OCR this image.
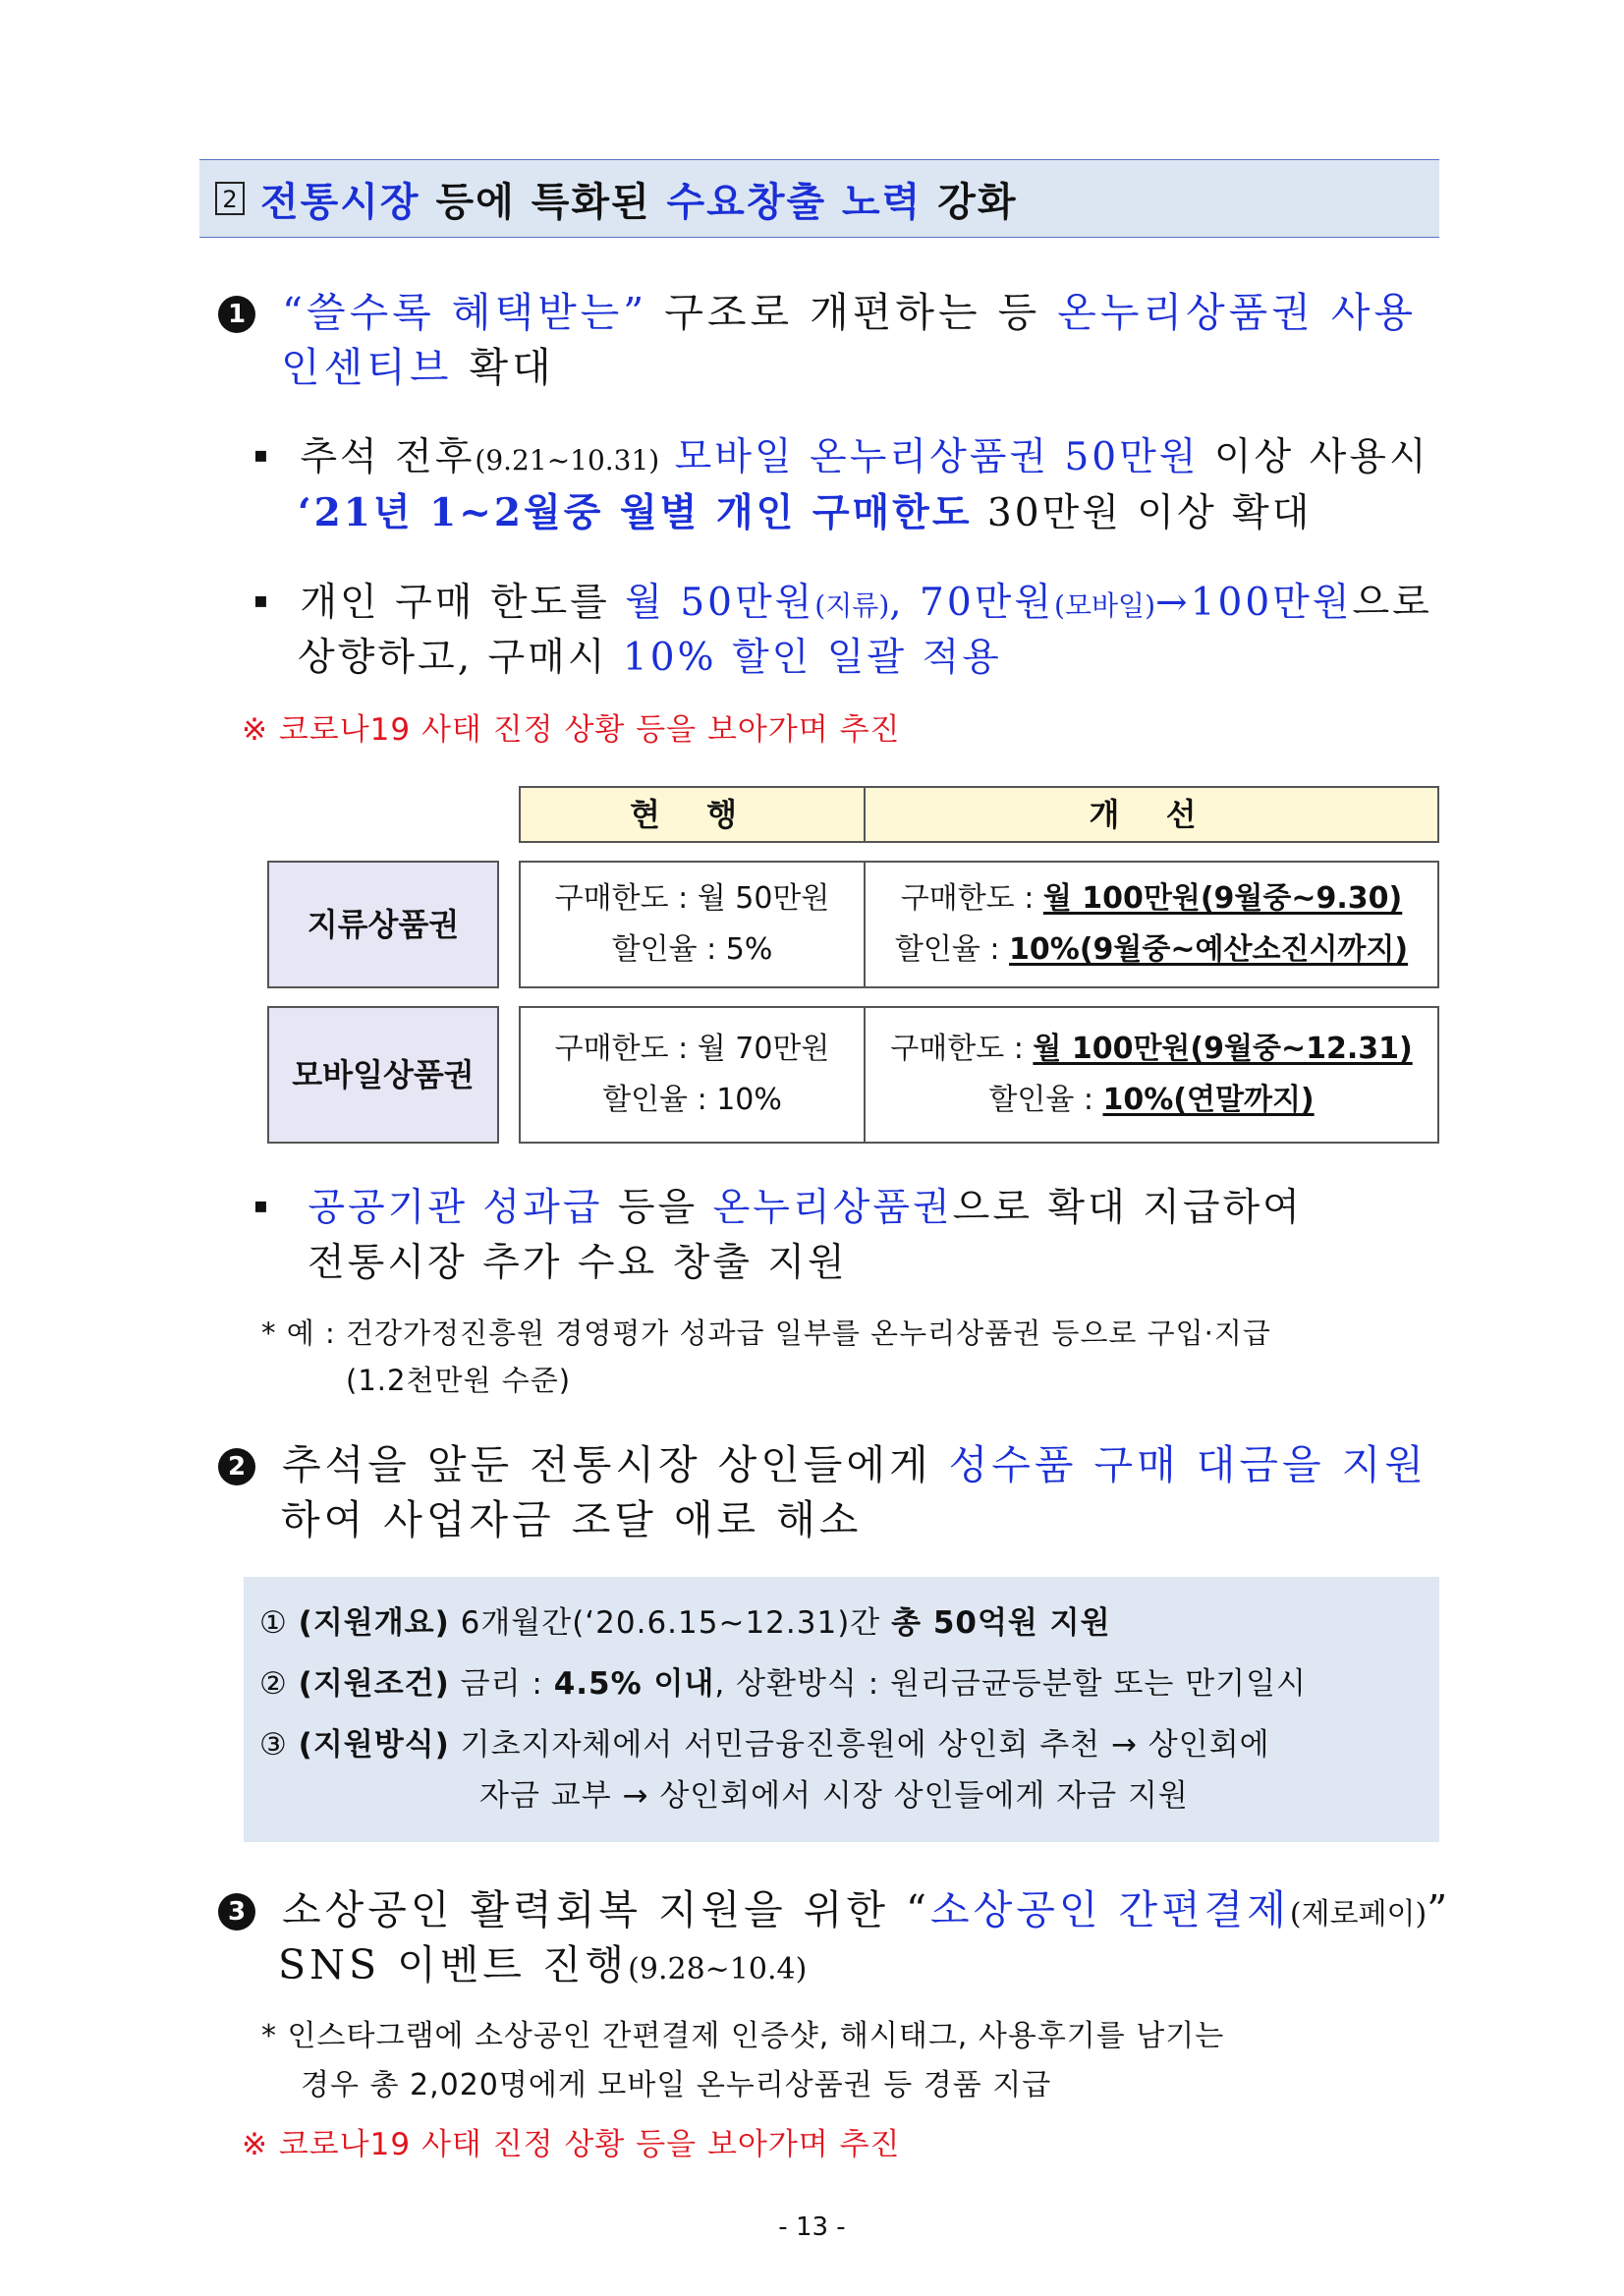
2 전통시장 등에 특화된 수요창출 노력 강화
1 “쓸수록 혜택받는” 구조로 개편하는 등 온누리상품권 사용
인센티브 확대
▪ 추석 전후(9.21~10.31) 모바일 온누리상품권 50만원 이상 사용시
‘21년 1~2월중 월별 개인 구매한도 30만원 이상 확대
▪ 개인 구매 한도를 월 50만원(지류), 70만원(모바일)→100만원으로
상향하고, 구매시 10% 할인 일괄 적용
※ 코로나19 사태 진정 상황 등을 보아가며 추진
현 행	개 선
지류상품권
구매한도 : 월 50만원
할인율 : 5%
구매한도 : 월 100만원(9월중~9.30)
할인율 : 10%(9월중~예산소진시까지)
모바일상품권
구매한도 : 월 70만원
할인율 : 10%
구매한도 : 월 100만원(9월중~12.31)
할인율 : 10%(연말까지)
▪ 공공기관 성과급 등을 온누리상품권으로 확대 지급하여
전통시장 추가 수요 창출 지원
* 예 : 건강가정진흥원 경영평가 성과급 일부를 온누리상품권 등으로 구입·지급
(1.2천만원 수준)
2 추석을 앞둔 전통시장 상인들에게 성수품 구매 대금을 지원
하여 사업자금 조달 애로 해소
① (지원개요) 6개월간(‘20.6.15~12.31)간 총 50억원 지원
② (지원조건) 금리 : 4.5% 이내, 상환방식 : 원리금균등분할 또는 만기일시
③ (지원방식) 기초지자체에서 서민금융진흥원에 상인회 추천 → 상인회에
자금 교부 → 상인회에서 시장 상인들에게 자금 지원
3 소상공인 활력회복 지원을 위한 “소상공인 간편결제(제로페이)”
SNS 이벤트 진행(9.28~10.4)
* 인스타그램에 소상공인 간편결제 인증샷, 해시태그, 사용후기를 남기는
경우 총 2,020명에게 모바일 온누리상품권 등 경품 지급
※ 코로나19 사태 진정 상황 등을 보아가며 추진
- 13 -
